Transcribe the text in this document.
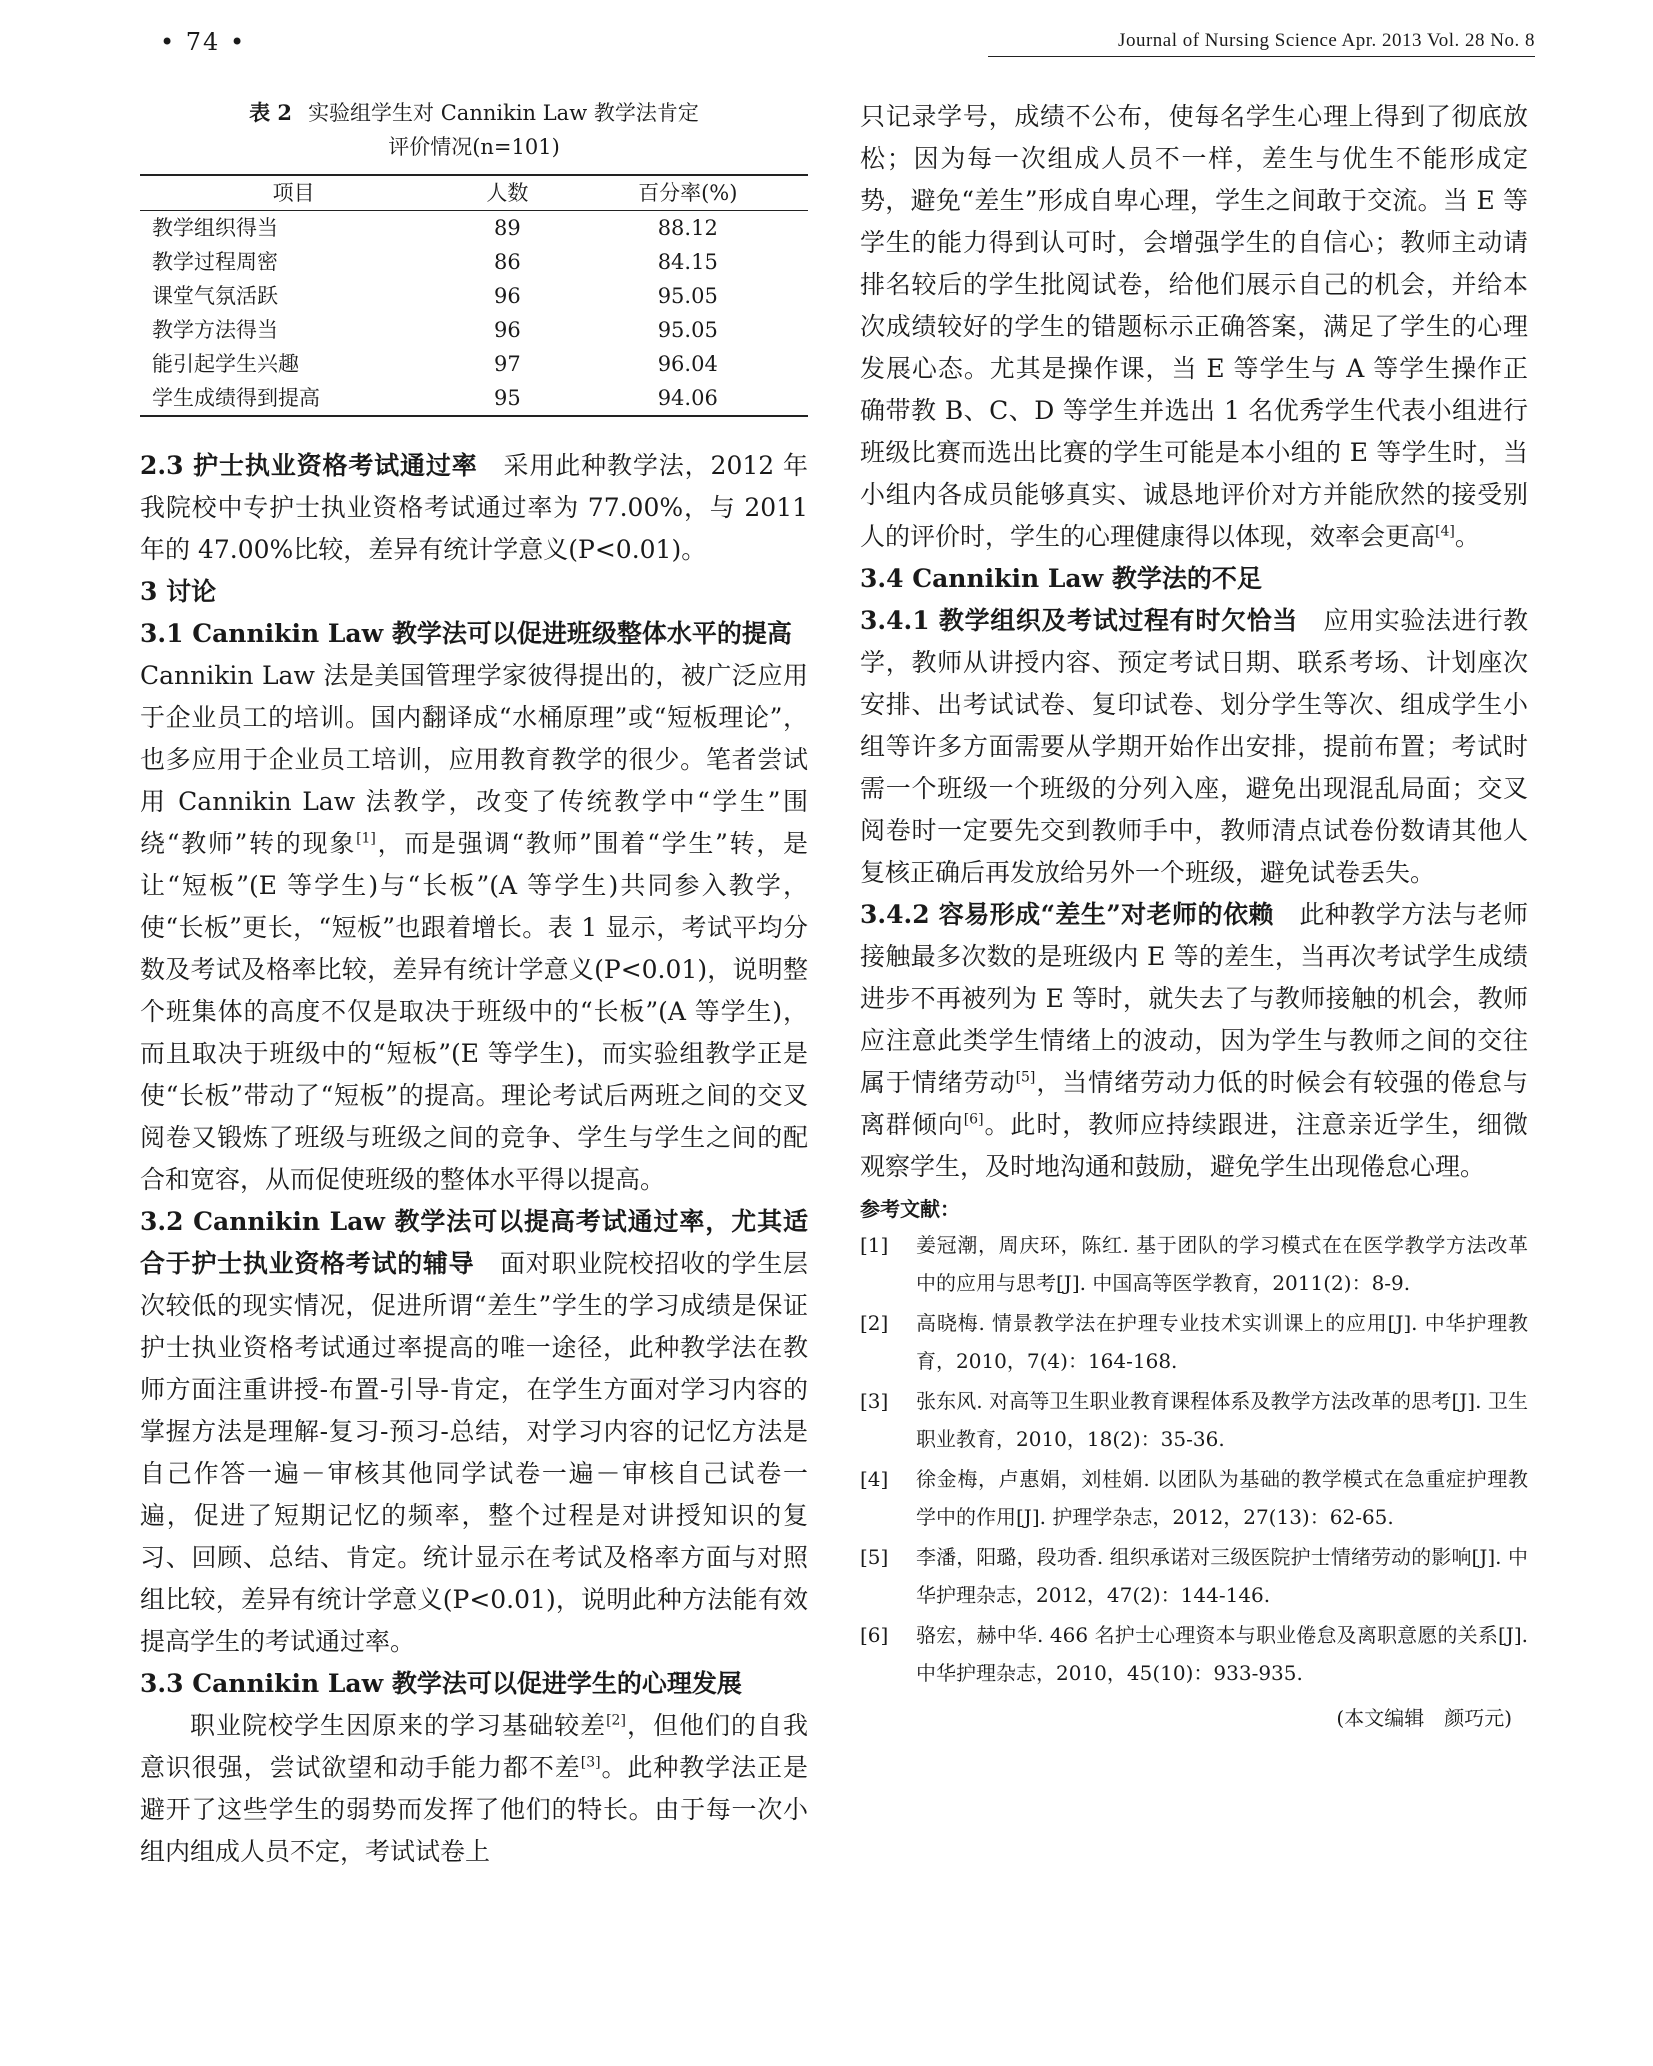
• 74 •	Journal of Nursing Science Apr. 2013 Vol. 28 No. 8
表 2 实验组学生对 Cannikin Law 教学法肯定
评价情况(n=101)
项目	人数	百分率(%)
教学组织得当	89	88.12
教学过程周密	86	84.15
课堂气氛活跃	96	95.05
教学方法得当	96	95.05
能引起学生兴趣	97	96.04
学生成绩得到提高	95	94.06

2.3 护士执业资格考试通过率　采用此种教学法，2012 年我院校中专护士执业资格考试通过率为 77.00%，与 2011 年的 47.00%比较，差异有统计学意义(P<0.01)。

3 讨论

3.1 Cannikin Law 教学法可以促进班级整体水平的提高　Cannikin Law 法是美国管理学家彼得提出的，被广泛应用于企业员工的培训。国内翻译成“水桶原理”或“短板理论”，也多应用于企业员工培训，应用教育教学的很少。笔者尝试用 Cannikin Law 法教学，改变了传统教学中“学生”围绕“教师”转的现象[1]，而是强调“教师”围着“学生”转，是让“短板”(E 等学生)与“长板”(A 等学生)共同参入教学，使“长板”更长，“短板”也跟着增长。表 1 显示，考试平均分数及考试及格率比较，差异有统计学意义(P<0.01)，说明整个班集体的高度不仅是取决于班级中的“长板”(A 等学生)，而且取决于班级中的“短板”(E 等学生)，而实验组教学正是使“长板”带动了“短板”的提高。理论考试后两班之间的交叉阅卷又锻炼了班级与班级之间的竞争、学生与学生之间的配合和宽容，从而促使班级的整体水平得以提高。

3.2 Cannikin Law 教学法可以提高考试通过率，尤其适合于护士执业资格考试的辅导　面对职业院校招收的学生层次较低的现实情况，促进所谓“差生”学生的学习成绩是保证护士执业资格考试通过率提高的唯一途径，此种教学法在教师方面注重讲授-布置-引导-肯定，在学生方面对学习内容的掌握方法是理解-复习-预习-总结，对学习内容的记忆方法是自己作答一遍－审核其他同学试卷一遍－审核自己试卷一遍，促进了短期记忆的频率，整个过程是对讲授知识的复习、回顾、总结、肯定。统计显示在考试及格率方面与对照组比较，差异有统计学意义(P<0.01)，说明此种方法能有效提高学生的考试通过率。

3.3 Cannikin Law 教学法可以促进学生的心理发展

职业院校学生因原来的学习基础较差[2]，但他们的自我意识很强，尝试欲望和动手能力都不差[3]。此种教学法正是避开了这些学生的弱势而发挥了他们的特长。由于每一次小组内组成人员不定，考试试卷上

只记录学号，成绩不公布，使每名学生心理上得到了彻底放松；因为每一次组成人员不一样，差生与优生不能形成定势，避免“差生”形成自卑心理，学生之间敢于交流。当 E 等学生的能力得到认可时，会增强学生的自信心；教师主动请排名较后的学生批阅试卷，给他们展示自己的机会，并给本次成绩较好的学生的错题标示正确答案，满足了学生的心理发展心态。尤其是操作课，当 E 等学生与 A 等学生操作正确带教 B、C、D 等学生并选出 1 名优秀学生代表小组进行班级比赛而选出比赛的学生可能是本小组的 E 等学生时，当小组内各成员能够真实、诚恳地评价对方并能欣然的接受别人的评价时，学生的心理健康得以体现，效率会更高[4]。

3.4 Cannikin Law 教学法的不足

3.4.1 教学组织及考试过程有时欠恰当　应用实验法进行教学，教师从讲授内容、预定考试日期、联系考场、计划座次安排、出考试试卷、复印试卷、划分学生等次、组成学生小组等许多方面需要从学期开始作出安排，提前布置；考试时需一个班级一个班级的分列入座，避免出现混乱局面；交叉阅卷时一定要先交到教师手中，教师清点试卷份数请其他人复核正确后再发放给另外一个班级，避免试卷丢失。

3.4.2 容易形成“差生”对老师的依赖　此种教学方法与老师接触最多次数的是班级内 E 等的差生，当再次考试学生成绩进步不再被列为 E 等时，就失去了与教师接触的机会，教师应注意此类学生情绪上的波动，因为学生与教师之间的交往属于情绪劳动[5]，当情绪劳动力低的时候会有较强的倦怠与离群倾向[6]。此时，教师应持续跟进，注意亲近学生，细微观察学生，及时地沟通和鼓励，避免学生出现倦怠心理。

参考文献：
[1]	姜冠潮，周庆环，陈红. 基于团队的学习模式在在医学教学方法改革中的应用与思考[J]. 中国高等医学教育，2011(2)：8-9.
[2]	高晓梅. 情景教学法在护理专业技术实训课上的应用[J]. 中华护理教育，2010，7(4)：164-168.
[3]	张东风. 对高等卫生职业教育课程体系及教学方法改革的思考[J]. 卫生职业教育，2010，18(2)：35-36.
[4]	徐金梅，卢惠娟，刘桂娟. 以团队为基础的教学模式在急重症护理教学中的作用[J]. 护理学杂志，2012，27(13)：62-65.
[5]	李潘，阳璐，段功香. 组织承诺对三级医院护士情绪劳动的影响[J]. 中华护理杂志，2012，47(2)：144-146.
[6]	骆宏，赫中华. 466 名护士心理资本与职业倦怠及离职意愿的关系[J]. 中华护理杂志，2010，45(10)：933-935.
(本文编辑　颜巧元)
